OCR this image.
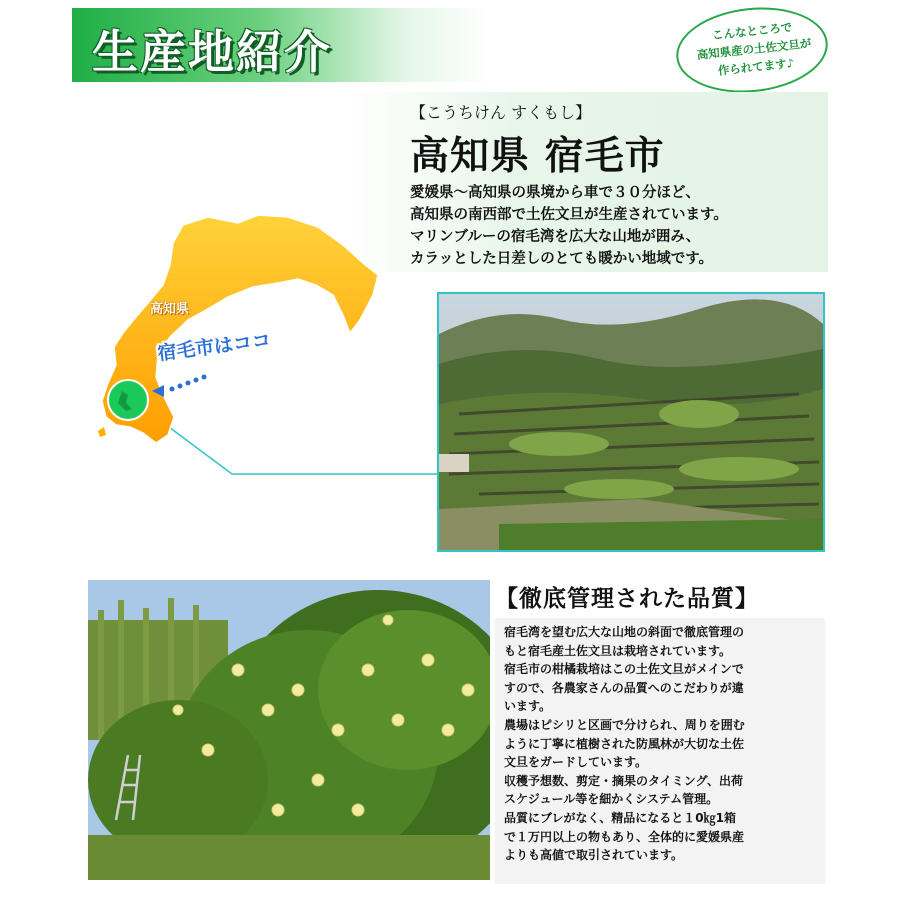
生産地紹介	こんなところで
高知県産の土佐文旦が
作られてます♪
【こうちけん すくもし】
高知県 宿毛市
愛媛県～高知県の県境から車で３０分ほど、
高知県の南西部で土佐文旦が生産されています。
マリンブルーの宿毛湾を広大な山地が囲み、
カラッとした日差しのとても暖かい地域です。
高知県
宿毛市はココ
【徹底管理された品質】
宿毛湾を望む広大な山地の斜面で徹底管理の
もと宿毛産土佐文旦は栽培されています。
宿毛市の柑橘栽培はこの土佐文旦がメインで
すので、各農家さんの品質へのこだわりが違
います。
農場はピシリと区画で分けられ、周りを囲む
ように丁寧に植樹された防風林が大切な土佐
文旦をガードしています。
収穫予想数、剪定・摘果のタイミング、出荷
スケジュール等を細かくシステム管理。
品質にブレがなく、精品になると１0㎏1箱
で１万円以上の物もあり、全体的に愛媛県産
よりも高値で取引されています。
